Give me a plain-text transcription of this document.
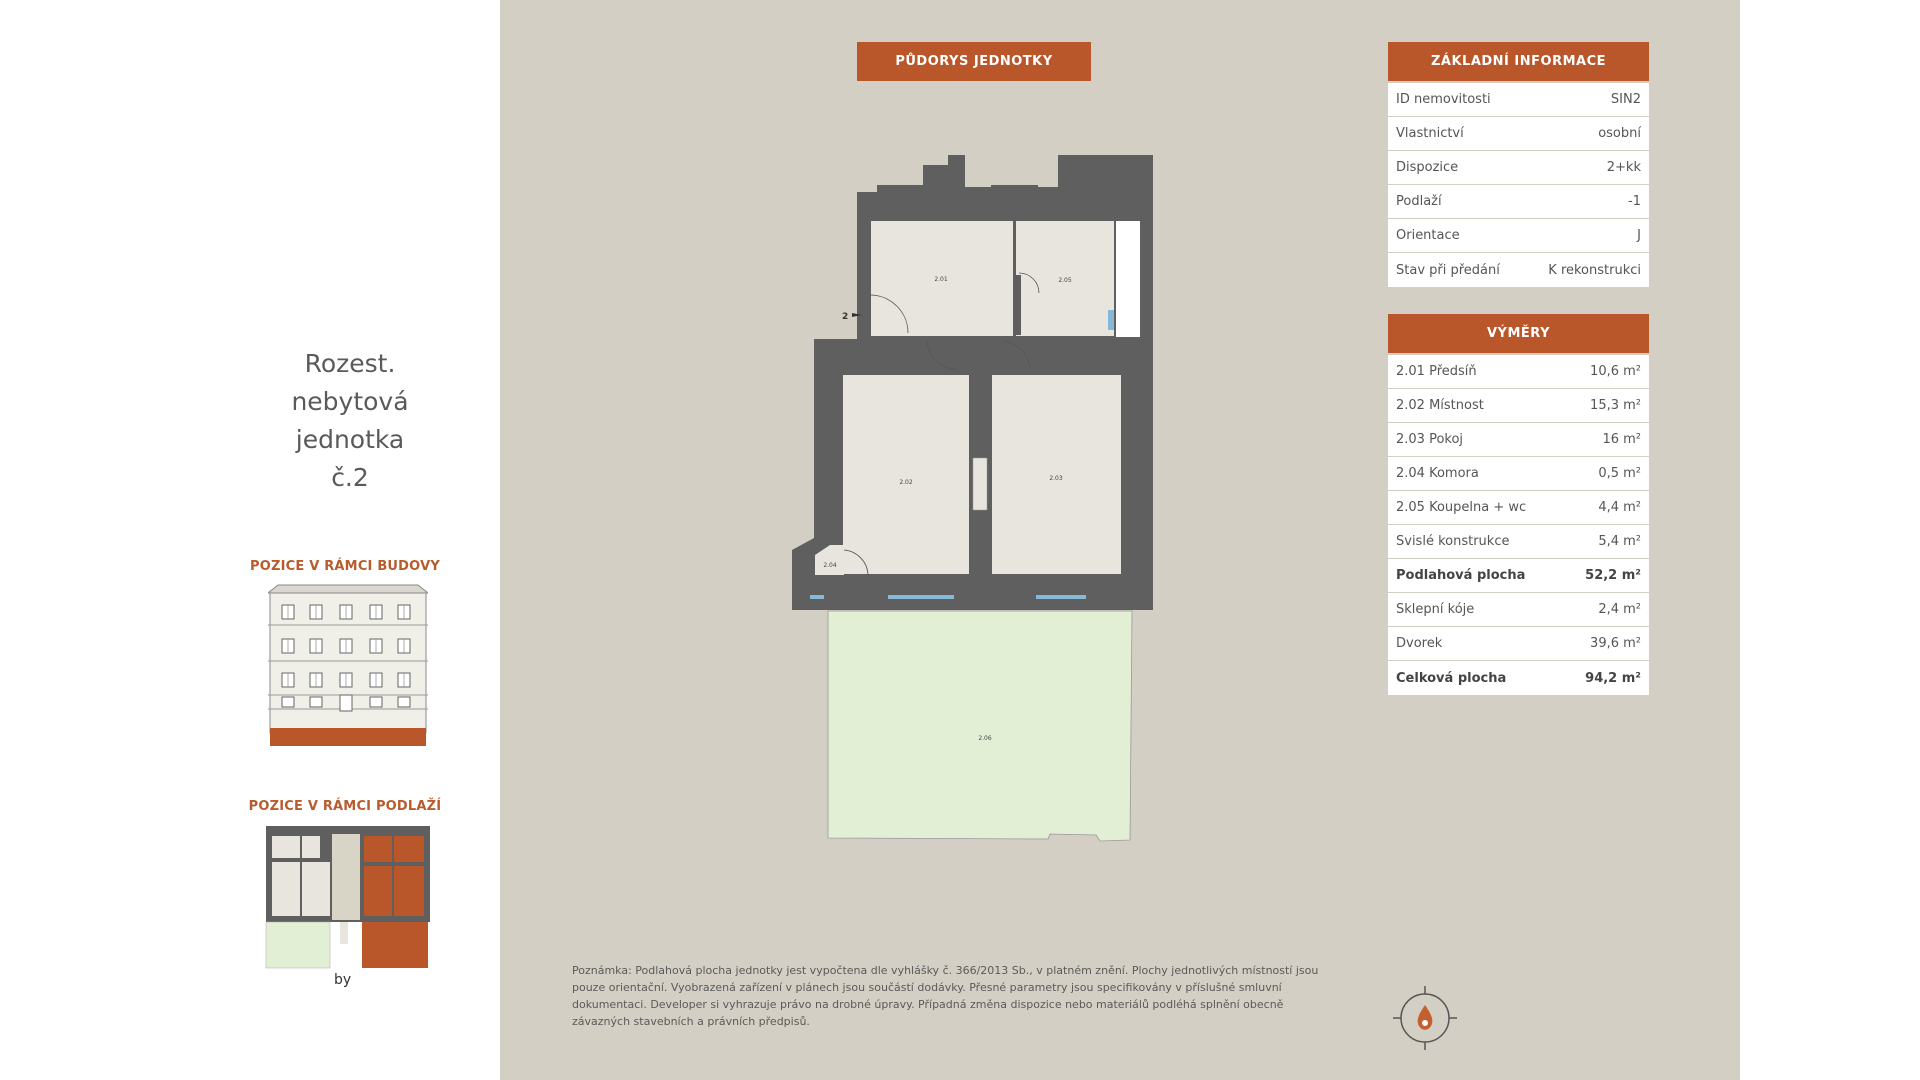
Rozest.
nebytová
jednotka
č.2
POZICE V RÁMCI BUDOVY
POZICE V RÁMCI PODLAŽÍ
by
PŮDORYS JEDNOTKY
2
2.01
2.02
2.03
2.04
2.05
2.06
ZÁKLADNÍ INFORMACE
ID nemovitosti	SIN2
Vlastnictví	osobní
Dispozice	2+kk
Podlaží	-1
Orientace	J
Stav při předání	K rekonstrukci
VÝMĚRY
2.01 Předsíň	10,6 m²
2.02 Místnost	15,3 m²
2.03 Pokoj	16 m²
2.04 Komora	0,5 m²
2.05 Koupelna + wc	4,4 m²
Svislé konstrukce	5,4 m²
Podlahová plocha	52,2 m²
Sklepní kóje	2,4 m²
Dvorek	39,6 m²
Celková plocha	94,2 m²
Poznámka: Podlahová plocha jednotky jest vypočtena dle vyhlášky č. 366/2013 Sb., v platném znění. Plochy jednotlivých místností jsou pouze orientační. Vyobrazená zařízení v plánech jsou součástí dodávky. Přesné parametry jsou specifikovány v příslušné smluvní dokumentaci. Developer si vyhrazuje právo na drobné úpravy. Případná změna dispozice nebo materiálů podléhá splnění obecně závazných stavebních a právních předpisů.
